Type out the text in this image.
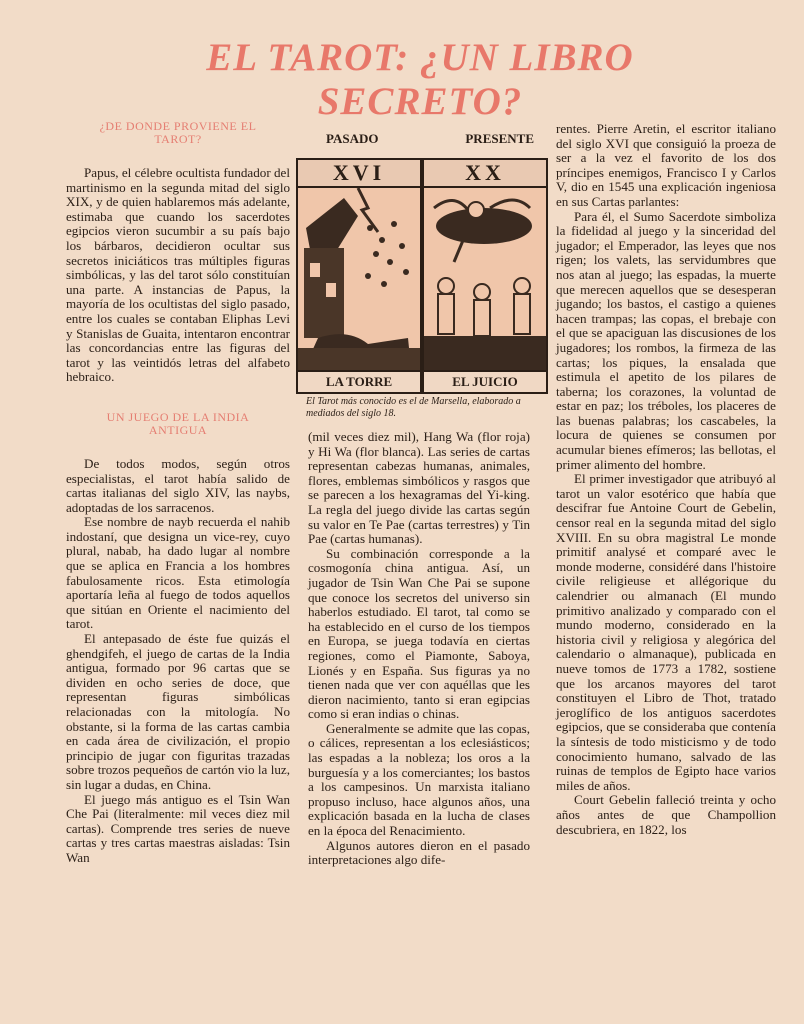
EL TAROT: ¿UN LIBRO
SECRETO?
¿DE DONDE PROVIENE EL TAROT?

Papus, el célebre ocultista fundador del martinismo en la segunda mitad del siglo XIX, y de quien hablaremos más adelante, estimaba que cuando los sacerdotes egipcios vieron sucumbir a su país bajo los bárbaros, decidieron ocultar sus secretos iniciáticos tras múltiples figuras simbólicas, y las del tarot sólo constituían una parte. A instancias de Papus, la mayoría de los ocultistas del siglo pasado, entre los cuales se contaban Eliphas Levi y Stanislas de Guaita, intentaron encontrar las concordancias entre las figuras del tarot y las veintidós letras del alfabeto hebraico.

UN JUEGO DE LA INDIA ANTIGUA

De todos modos, según otros especialistas, el tarot había salido de cartas italianas del siglo XIV, las naybs, adoptadas de los sarracenos.

Ese nombre de nayb recuerda el nahib indostaní, que designa un vice-rey, cuyo plural, nabab, ha dado lugar al nombre que se aplica en Francia a los hombres fabulosamente ricos. Esta etimología aportaría leña al fuego de todos aquellos que sitúan en Oriente el nacimiento del tarot.

El antepasado de éste fue quizás el ghendgifeh, el juego de cartas de la India antigua, formado por 96 cartas que se dividen en ocho series de doce, que representan figuras simbólicas relacionadas con la mitología. No obstante, si la forma de las cartas cambia en cada área de civilización, el propio principio de jugar con figuritas trazadas sobre trozos pequeños de cartón vio la luz, sin lugar a dudas, en China.

El juego más antiguo es el Tsin Wan Che Pai (literalmente: mil veces diez mil cartas). Comprende tres series de nueve cartas y tres cartas maestras aisladas: Tsin Wan

PASADO	PRESENTE
XVI
LA TORRE
XX
EL JUICIO
El Tarot más conocido es el de Marsella, elaborado a mediados del siglo 18.

(mil veces diez mil), Hang Wa (flor roja) y Hi Wa (flor blanca). Las series de cartas representan cabezas humanas, animales, flores, emblemas simbólicos y rasgos que se parecen a los hexagramas del Yi-king. La regla del juego divide las cartas según su valor en Te Pae (cartas terrestres) y Tin Pae (cartas humanas).

Su combinación corresponde a la cosmogonía china antigua. Así, un jugador de Tsin Wan Che Pai se supone que conoce los secretos del universo sin haberlos estudiado. El tarot, tal como se ha establecido en el curso de los tiempos en Europa, se juega todavía en ciertas regiones, como el Piamonte, Saboya, Lionés y en España. Sus figuras ya no tienen nada que ver con aquéllas que les dieron nacimiento, tanto si eran egipcias como si eran indias o chinas.

Generalmente se admite que las copas, o cálices, representan a los eclesiásticos; las espadas a la nobleza; los oros a la burguesía y a los comerciantes; los bastos a los campesinos. Un marxista italiano propuso incluso, hace algunos años, una explicación basada en la lucha de clases en la época del Renacimiento.

Algunos autores dieron en el pasado interpretaciones algo dife-

rentes. Pierre Aretin, el escritor italiano del siglo XVI que consiguió la proeza de ser a la vez el favorito de los dos príncipes enemigos, Francisco I y Carlos V, dio en 1545 una explicación ingeniosa en sus Cartas parlantes:

Para él, el Sumo Sacerdote simboliza la fidelidad al juego y la sinceridad del jugador; el Emperador, las leyes que nos rigen; los valets, las servidumbres que nos atan al juego; las espadas, la muerte que merecen aquellos que se desesperan jugando; los bastos, el castigo a quienes hacen trampas; las copas, el brebaje con el que se apaciguan las discusiones de los jugadores; los rombos, la firmeza de las cartas; los piques, la ensalada que estimula el apetito de los pilares de taberna; los corazones, la voluntad de estar en paz; los tréboles, los placeres de las buenas palabras; los cascabeles, la locura de quienes se consumen por acumular bienes efímeros; las bellotas, el primer alimento del hombre.

El primer investigador que atribuyó al tarot un valor esotérico que había que descifrar fue Antoine Court de Gebelin, censor real en la segunda mitad del siglo XVIII. En su obra magistral Le monde primitif analysé et comparé avec le monde moderne, considéré dans l'histoire civile religieuse et allégorique du calendrier ou almanach (El mundo primitivo analizado y comparado con el mundo moderno, considerado en la historia civil y religiosa y alegórica del calendario o almanaque), publicada en nueve tomos de 1773 a 1782, sostiene que los arcanos mayores del tarot constituyen el Libro de Thot, tratado jeroglífico de los antiguos sacerdotes egipcios, que se consideraba que contenía la síntesis de todo misticismo y de todo conocimiento humano, salvado de las ruinas de templos de Egipto hace varios miles de años.

Court Gebelin falleció treinta y ocho años antes de que Champollion descubriera, en 1822, los
